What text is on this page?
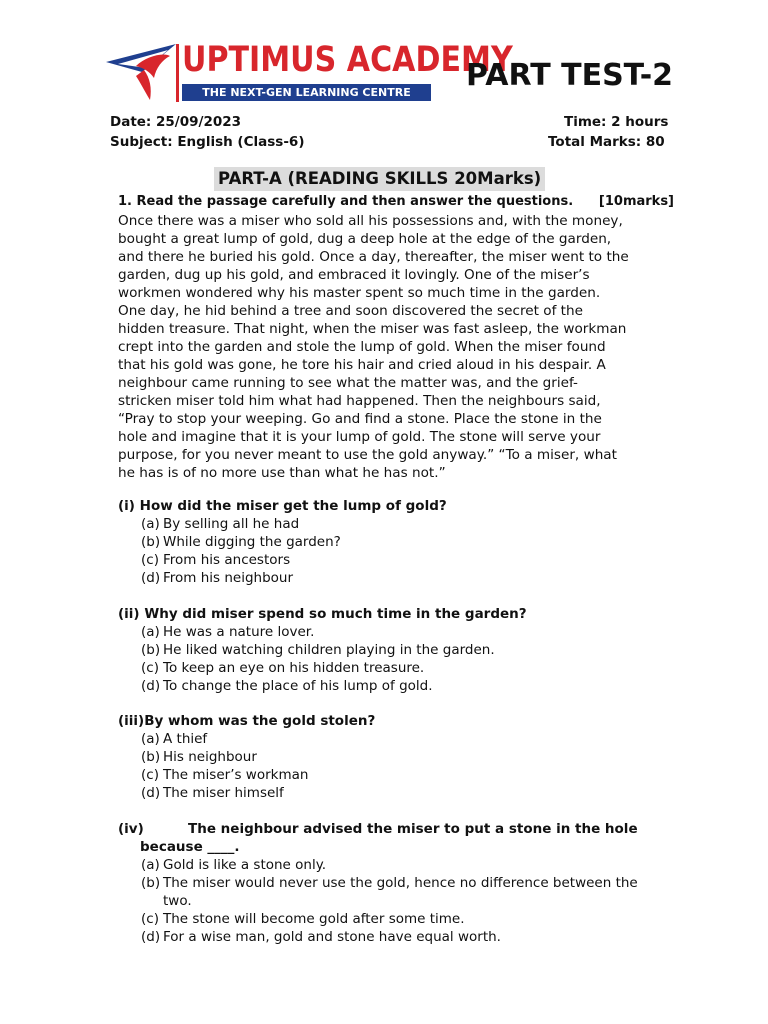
UPTIMUS ACADEMY
THE NEXT-GEN LEARNING CENTRE	PART TEST-2
Date: 25/09/2023	Time: 2 hours
Subject: English (Class-6)	Total Marks: 80
PART-A (READING SKILLS 20Marks)
1. Read the passage carefully and then answer the questions. [10marks]
Once there was a miser who sold all his possessions and, with the money,
bought a great lump of gold, dug a deep hole at the edge of the garden,
and there he buried his gold. Once a day, thereafter, the miser went to the
garden, dug up his gold, and embraced it lovingly. One of the miser’s
workmen wondered why his master spent so much time in the garden.
One day, he hid behind a tree and soon discovered the secret of the
hidden treasure. That night, when the miser was fast asleep, the workman
crept into the garden and stole the lump of gold. When the miser found
that his gold was gone, he tore his hair and cried aloud in his despair. A
neighbour came running to see what the matter was, and the grief-
stricken miser told him what had happened. Then the neighbours said,
“Pray to stop your weeping. Go and find a stone. Place the stone in the
hole and imagine that it is your lump of gold. The stone will serve your
purpose, for you never meant to use the gold anyway.” “To a miser, what
he has is of no more use than what he has not.”
(i) How did the miser get the lump of gold?
(a) By selling all he had
(b) While digging the garden?
(c) From his ancestors
(d) From his neighbour
(ii) Why did miser spend so much time in the garden?
(a) He was a nature lover.
(b) He liked watching children playing in the garden.
(c) To keep an eye on his hidden treasure.
(d) To change the place of his lump of gold.
(iii)By whom was the gold stolen?
(a) A thief
(b) His neighbour
(c) The miser’s workman
(d) The miser himself
(iv)	The neighbour advised the miser to put a stone in the hole
because ____.
(a) Gold is like a stone only.
(b) The miser would never use the gold, hence no difference between the two.
(c) The stone will become gold after some time.
(d) For a wise man, gold and stone have equal worth.
